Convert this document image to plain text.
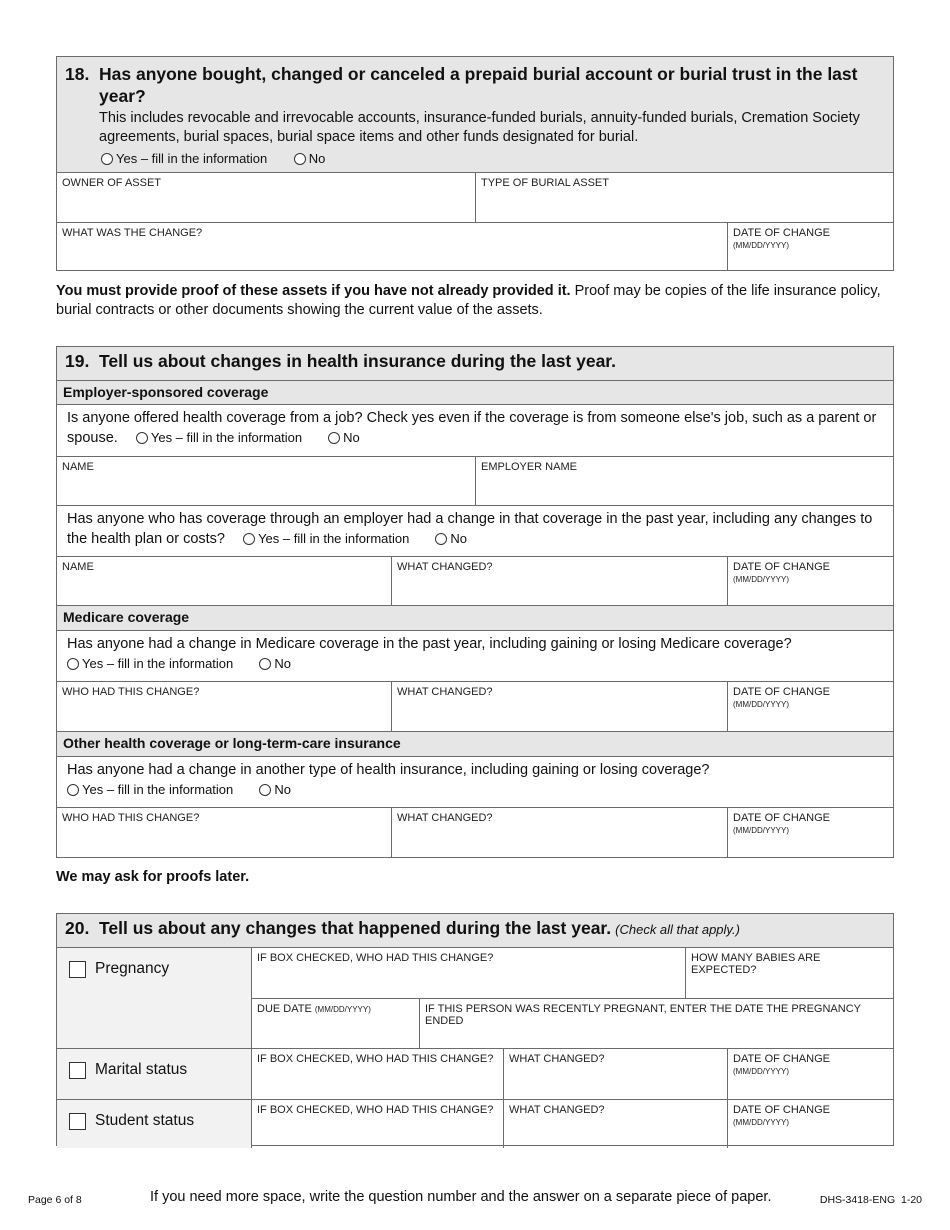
18. Has anyone bought, changed or canceled a prepaid burial account or burial trust in the last year?
This includes revocable and irrevocable accounts, insurance-funded burials, annuity-funded burials, Cremation Society agreements, burial spaces, burial space items and other funds designated for burial.
Yes – fill in the information	No
OWNER OF ASSET	TYPE OF BURIAL ASSET
WHAT WAS THE CHANGE?	DATE OF CHANGE (MM/DD/YYYY)
You must provide proof of these assets if you have not already provided it. Proof may be copies of the life insurance policy, burial contracts or other documents showing the current value of the assets.
19. Tell us about changes in health insurance during the last year.
Employer-sponsored coverage
Is anyone offered health coverage from a job? Check yes even if the coverage is from someone else's job, such as a parent or spouse.	Yes – fill in the information	No
NAME	EMPLOYER NAME
Has anyone who has coverage through an employer had a change in that coverage in the past year, including any changes to the health plan or costs?	Yes – fill in the information	No
NAME	WHAT CHANGED?	DATE OF CHANGE (MM/DD/YYYY)
Medicare coverage
Has anyone had a change in Medicare coverage in the past year, including gaining or losing Medicare coverage?
Yes – fill in the information	No
WHO HAD THIS CHANGE?	WHAT CHANGED?	DATE OF CHANGE (MM/DD/YYYY)
Other health coverage or long-term-care insurance
Has anyone had a change in another type of health insurance, including gaining or losing coverage?
Yes – fill in the information	No
WHO HAD THIS CHANGE?	WHAT CHANGED?	DATE OF CHANGE (MM/DD/YYYY)
We may ask for proofs later.
20. Tell us about any changes that happened during the last year. (Check all that apply.)
Pregnancy
IF BOX CHECKED, WHO HAD THIS CHANGE?	HOW MANY BABIES ARE EXPECTED?
DUE DATE (MM/DD/YYYY)	IF THIS PERSON WAS RECENTLY PREGNANT, ENTER THE DATE THE PREGNANCY ENDED
Marital status
IF BOX CHECKED, WHO HAD THIS CHANGE?	WHAT CHANGED?	DATE OF CHANGE (MM/DD/YYYY)
Student status
IF BOX CHECKED, WHO HAD THIS CHANGE?	WHAT CHANGED?	DATE OF CHANGE (MM/DD/YYYY)
Page 6 of 8	If you need more space, write the question number and the answer on a separate piece of paper.	DHS-3418-ENG  1-20
